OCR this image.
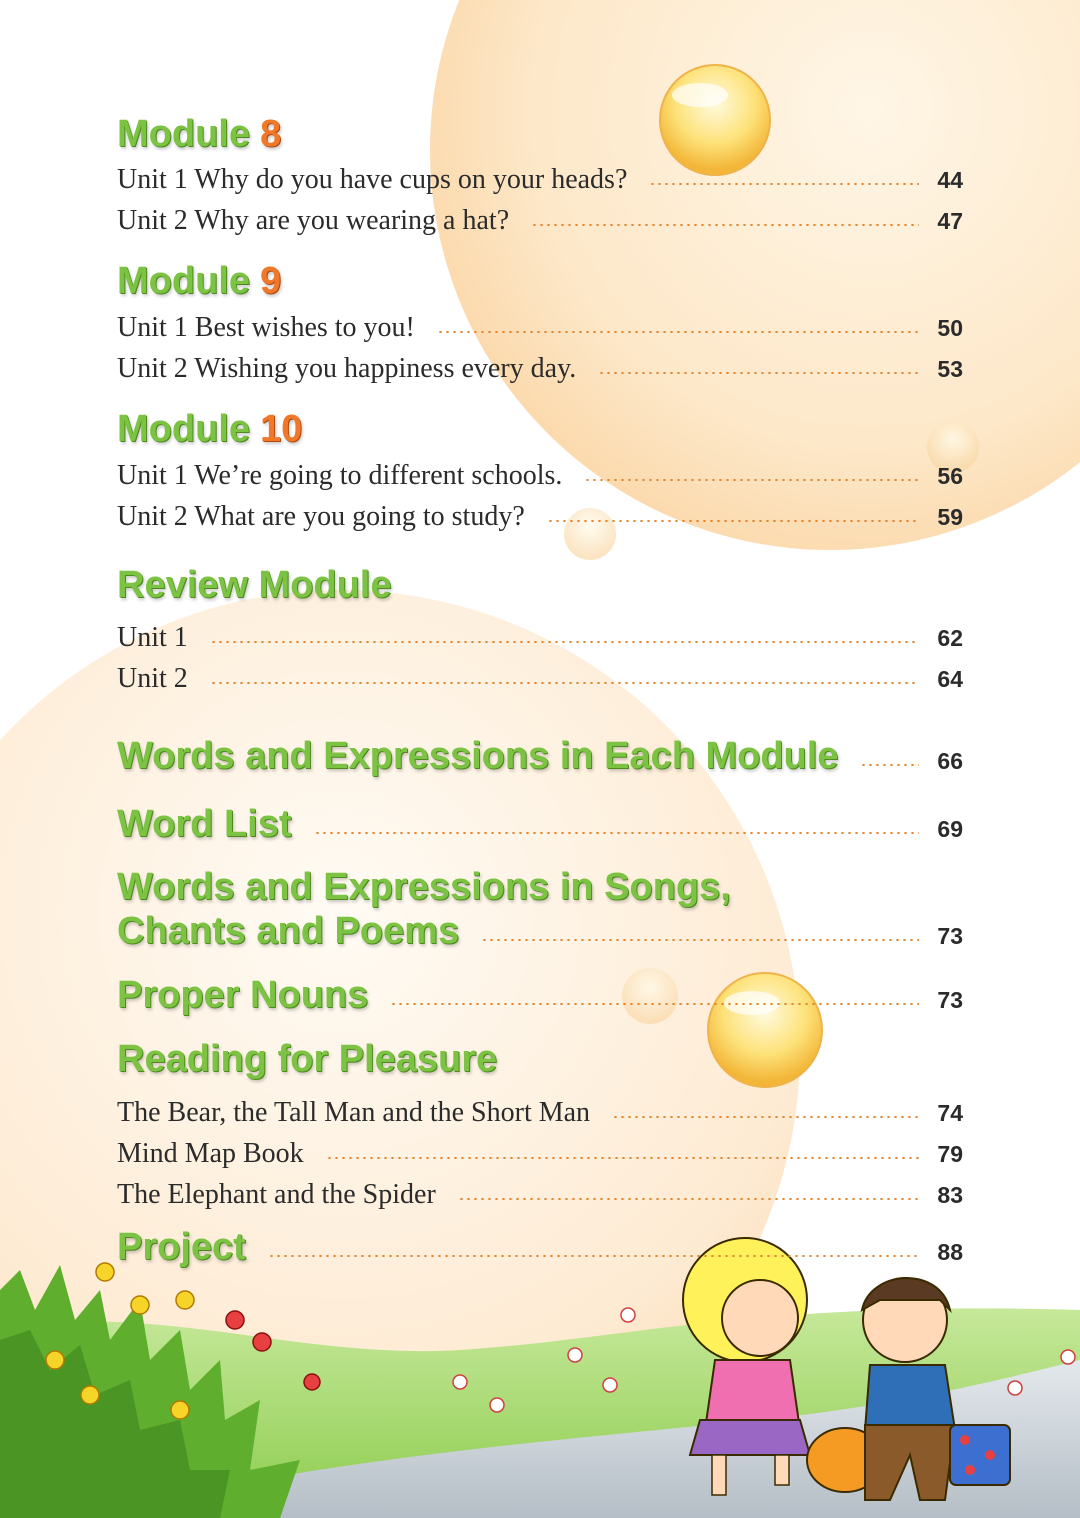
Module 8
Unit 1 Why do you have cups on your heads?	44
Unit 2 Why are you wearing a hat?	47
Module 9
Unit 1 Best wishes to you!	50
Unit 2 Wishing you happiness every day.	53
Module 10
Unit 1 We’re going to different schools.	56
Unit 2 What are you going to study?	59
Review Module
Unit 1	62
Unit 2	64
Words and Expressions in Each Module	66
Word List	69
Words and Expressions in Songs,
Chants and Poems	73
Proper Nouns	73
Reading for Pleasure
The Bear, the Tall Man and the Short Man	74
Mind Map Book	79
The Elephant and the Spider	83
Project	88
